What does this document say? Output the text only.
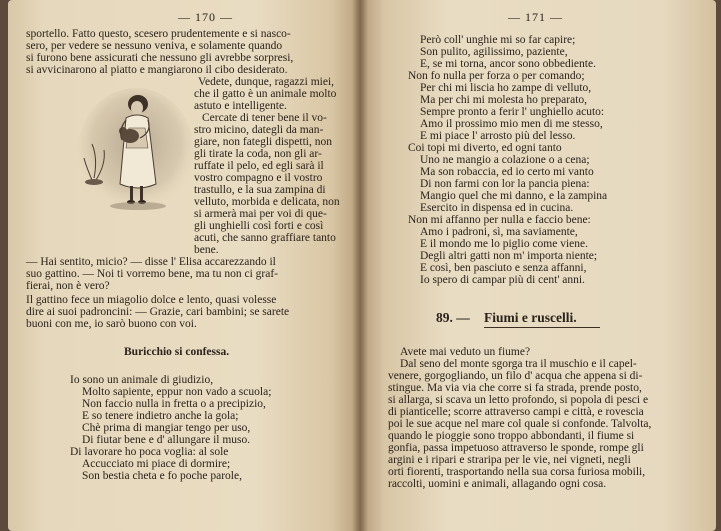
— 170 —
sportello. Fatto questo, scesero prudentemente e si nasco-
sero, per vedere se nessuno veniva, e solamente quando
si furono bene assicurati che nessuno gli avrebbe sorpresi,
si avvicinarono al piatto e mangiarono il cibo desiderato.
Vedete, dunque, ragazzi miei,
che il gatto è un animale molto
astuto e intelligente.
Cercate di tener bene il vo-
stro micino, dategli da man-
giare, non fategli dispetti, non
gli tirate la coda, non gli ar-
ruffate il pelo, ed egli sarà il
vostro compagno e il vostro
trastullo, e la sua zampina di
velluto, morbida e delicata, non
si armerà mai per voi di que-
gli unghielli così forti e così
acuti, che sanno graffiare tanto
bene.
— Hai sentito, micio? — disse l' Elisa accarezzando il
suo gattino. — Noi ti vorremo bene, ma tu non ci graf-
fierai, non è vero?
Il gattino fece un miagolio dolce e lento, quasi volesse
dire ai suoi padroncini: — Grazie, cari bambini; se sarete
buoni con me, io sarò buono con voi.
Buricchio si confessa.
Io sono un animale di giudizio,
Molto sapiente, eppur non vado a scuola;
Non faccio nulla in fretta o a precipizio,
E so tenere indietro anche la gola;
Chè prima di mangiar tengo per uso,
Di fiutar bene e d' allungare il muso.
Di lavorare ho poca voglia: al sole
Accucciato mi piace di dormire;
Son bestia cheta e fo poche parole,
— 171 —
Però coll' unghie mi so far capire;
Son pulito, agilissimo, paziente,
E, se mi torna, ancor sono obbediente.
Non fo nulla per forza o per comando;
Per chi mi liscia ho zampe di velluto,
Ma per chi mi molesta ho preparato,
Sempre pronto a ferir l' unghiello acuto:
Amo il prossimo mio men di me stesso,
E mi piace l' arrosto più del lesso.
Coi topi mi diverto, ed ogni tanto
Uno ne mangio a colazione o a cena;
Ma son robaccia, ed io certo mi vanto
Di non farmi con lor la pancia piena:
Mangio quel che mi danno, e la zampina
Esercito in dispensa ed in cucina.
Non mi affanno per nulla e faccio bene:
Amo i padroni, sì, ma saviamente,
E il mondo me lo piglio come viene.
Degli altri gatti non m' importa niente;
E così, ben pasciuto e senza affanni,
Io spero di campar più di cent' anni.
89. — Fiumi e ruscelli.
Avete mai veduto un fiume?
Dal seno del monte sgorga tra il muschio e il capel-
venere, gorgogliando, un filo d' acqua che appena si di-
stingue. Ma via via che corre si fa strada, prende posto,
si allarga, si scava un letto profondo, si popola di pesci e
di pianticelle; scorre attraverso campi e città, e rovescia
poi le sue acque nel mare col quale si confonde. Talvolta,
quando le pioggie sono troppo abbondanti, il fiume si
gonfia, passa impetuoso attraverso le sponde, rompe gli
argini e i ripari e straripa per le vie, nei vigneti, negli
orti fiorenti, trasportando nella sua corsa furiosa mobili,
raccolti, uomini e animali, allagando ogni cosa.
